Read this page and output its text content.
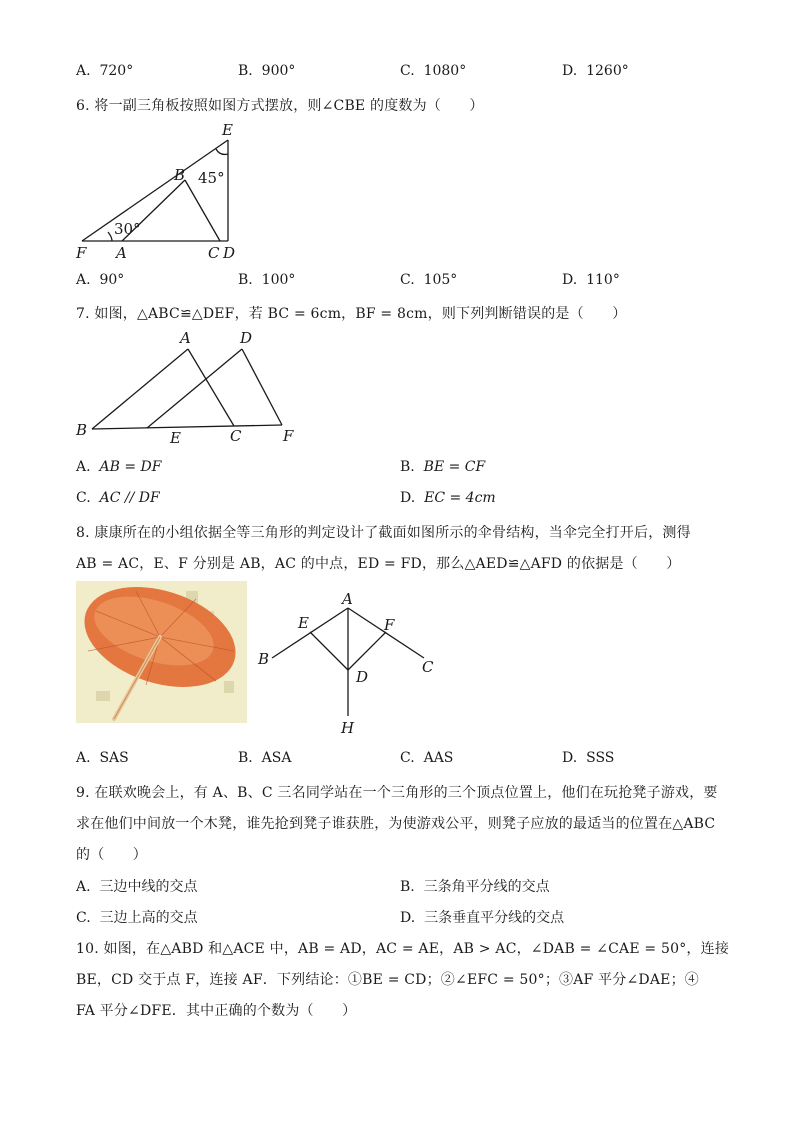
A. 720°	B. 900°	C. 1080°	D. 1260°
6. 将一副三角板按照如图方式摆放，则∠CBE 的度数为（　　）
E
B 45°
30°
F A	C D
A. 90°	B. 100°	C. 105°	D. 110°
7. 如图，△ABC≌△DEF，若 BC = 6cm，BF = 8cm，则下列判断错误的是（　　）
A	D
B	E	C	F
A. AB = DF	B. BE = CF
C. AC // DF	D. EC = 4cm
8. 康康所在的小组依据全等三角形的判定设计了截面如图所示的伞骨结构，当伞完全打开后，测得
AB = AC，E、F 分别是 AB，AC 的中点，ED = FD，那么△AED≌△AFD 的依据是（　　）
A
E	F
B	C
D
H
A. SAS	B. ASA	C. AAS	D. SSS
9. 在联欢晚会上，有 A、B、C 三名同学站在一个三角形的三个顶点位置上，他们在玩抢凳子游戏，要
求在他们中间放一个木凳，谁先抢到凳子谁获胜，为使游戏公平，则凳子应放的最适当的位置在△ABC
的（　　）
A. 三边中线的交点	B. 三条角平分线的交点
C. 三边上高的交点	D. 三条垂直平分线的交点
10. 如图，在△ABD 和△ACE 中，AB = AD，AC = AE，AB > AC，∠DAB = ∠CAE = 50°，连接
BE，CD 交于点 F，连接 AF．下列结论：①BE = CD；②∠EFC = 50°；③AF 平分∠DAE；④
FA 平分∠DFE．其中正确的个数为（　　）
